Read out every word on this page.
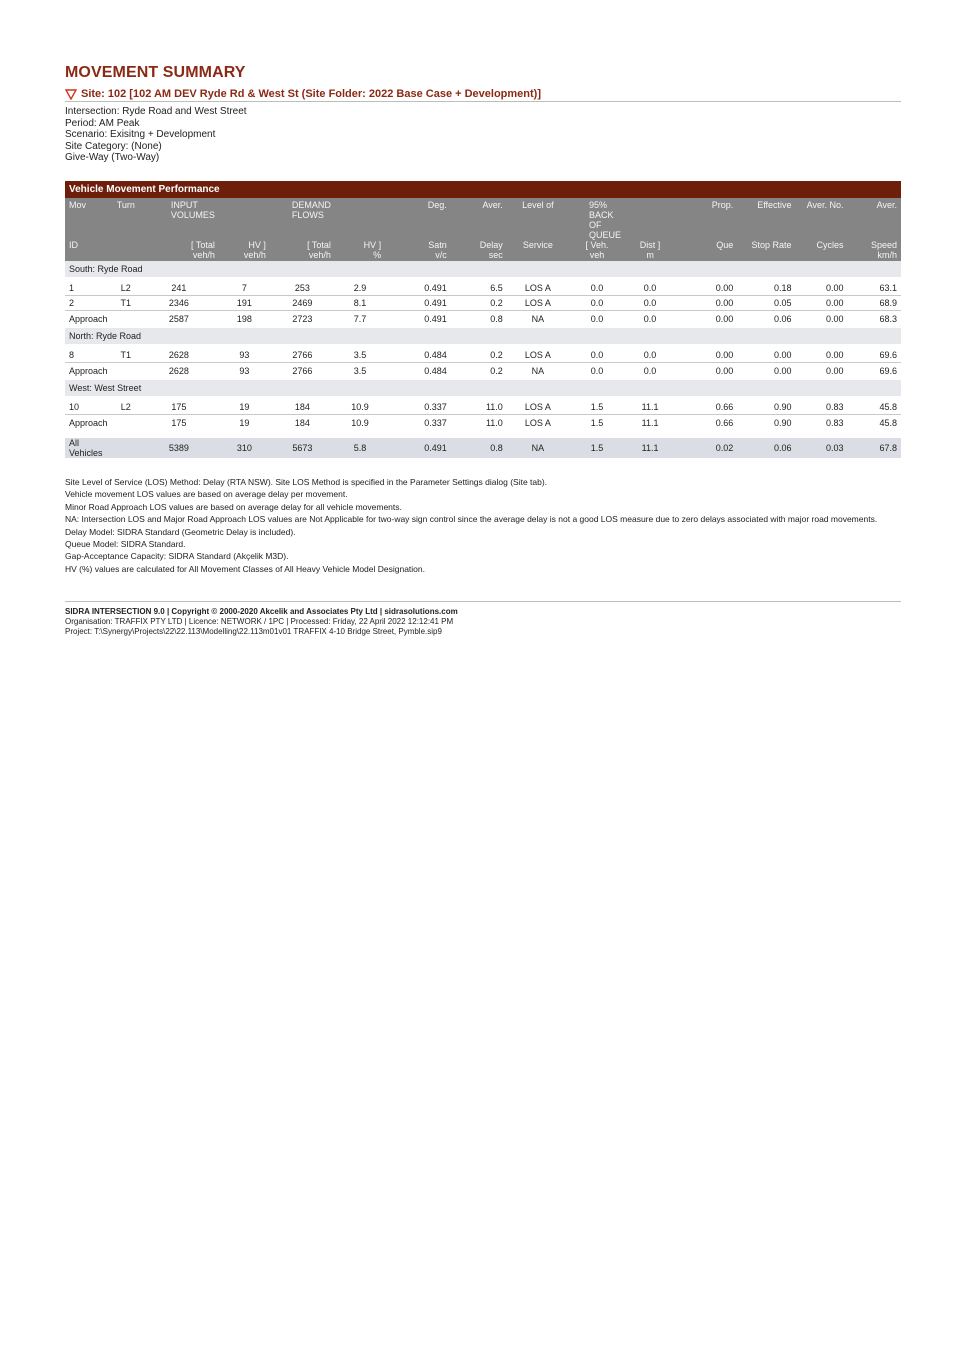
MOVEMENT SUMMARY
Site: 102 [102 AM DEV Ryde Rd & West St (Site Folder: 2022 Base Case + Development)]
Intersection: Ryde Road and West Street
Period: AM Peak
Scenario: Exisitng + Development
Site Category: (None)
Give-Way (Two-Way)
Vehicle Movement Performance														
Mov	Turn	INPUT VOLUMES		DEMAND FLOWS		Deg.	Aver.	Level of	95% BACK OF QUEUE		Prop.	Effective	Aver. No.	Aver.
ID		[ Total	HV ]	[ Total	HV ]	Satn	Delay	Service	[ Veh.	Dist ]	Que	Stop Rate	Cycles	Speed
		veh/h	veh/h	veh/h	%	v/c	sec		veh	m				km/h
South: Ryde Road														

1	L2	241	7	253	2.9	0.491	6.5	LOS A	0.0	0.0	0.00	0.18	0.00	63.1
2	T1	2346	191	2469	8.1	0.491	0.2	LOS A	0.0	0.0	0.00	0.05	0.00	68.9
Approach		2587	198	2723	7.7	0.491	0.8	NA	0.0	0.0	0.00	0.06	0.00	68.3
North: Ryde Road														

8	T1	2628	93	2766	3.5	0.484	0.2	LOS A	0.0	0.0	0.00	0.00	0.00	69.6
Approach		2628	93	2766	3.5	0.484	0.2	NA	0.0	0.0	0.00	0.00	0.00	69.6
West: West Street														

10	L2	175	19	184	10.9	0.337	11.0	LOS A	1.5	11.1	0.66	0.90	0.83	45.8
Approach		175	19	184	10.9	0.337	11.0	LOS A	1.5	11.1	0.66	0.90	0.83	45.8

All Vehicles		5389	310	5673	5.8	0.491	0.8	NA	1.5	11.1	0.02	0.06	0.03	67.8

Site Level of Service (LOS) Method: Delay (RTA NSW). Site LOS Method is specified in the Parameter Settings dialog (Site tab).

Vehicle movement LOS values are based on average delay per movement.

Minor Road Approach LOS values are based on average delay for all vehicle movements.

NA: Intersection LOS and Major Road Approach LOS values are Not Applicable for two-way sign control since the average delay is not a good LOS measure due to zero delays associated with major road movements.

Delay Model: SIDRA Standard (Geometric Delay is included).

Queue Model: SIDRA Standard.

Gap-Acceptance Capacity: SIDRA Standard (Akçelik M3D).

HV (%) values are calculated for All Movement Classes of All Heavy Vehicle Model Designation.

SIDRA INTERSECTION 9.0 | Copyright © 2000-2020 Akcelik and Associates Pty Ltd | sidrasolutions.com
Organisation: TRAFFIX PTY LTD | Licence: NETWORK / 1PC | Processed: Friday, 22 April 2022 12:12:41 PM
Project: T:\Synergy\Projects\22\22.113\Modelling\22.113m01v01 TRAFFIX 4-10 Bridge Street, Pymble.sip9
